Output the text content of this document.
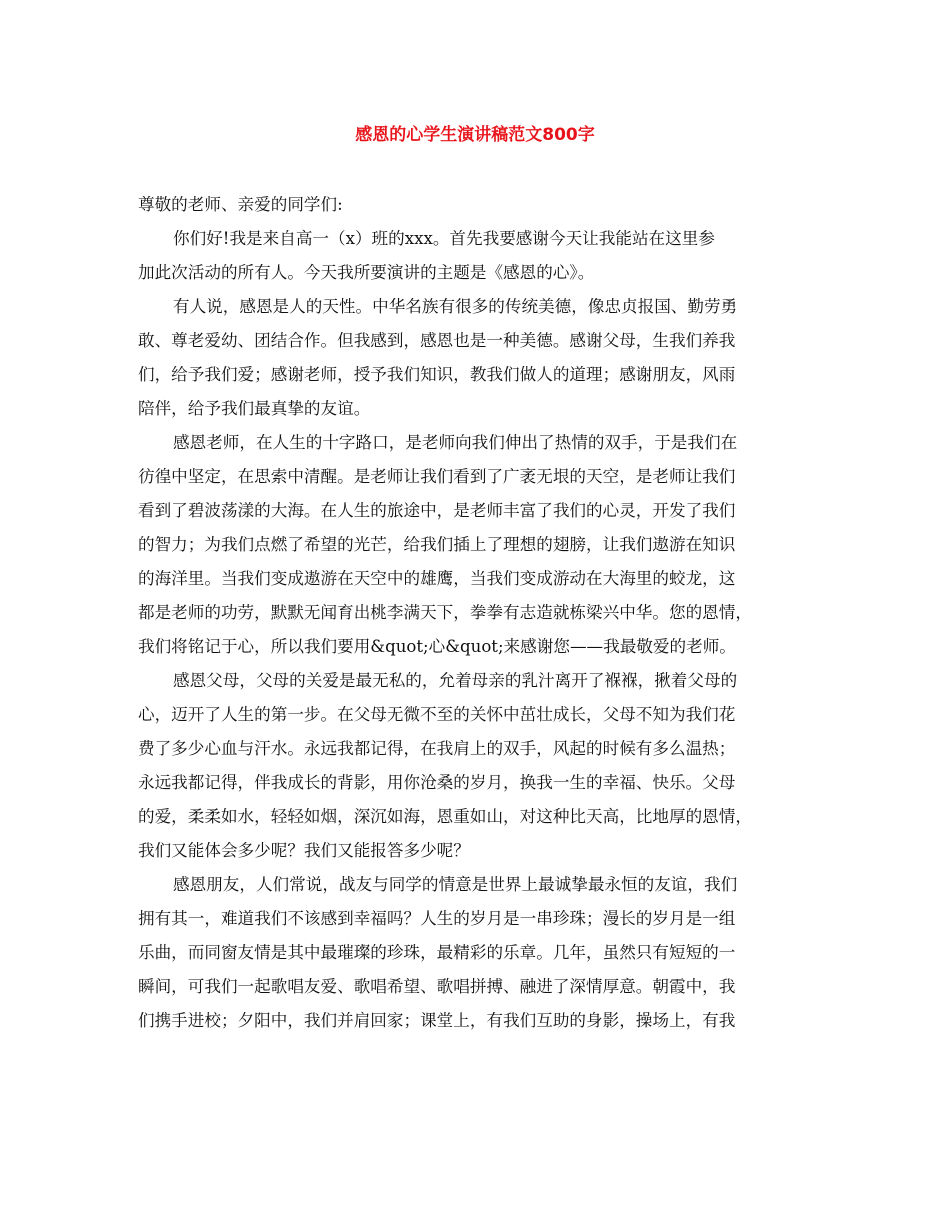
感恩的心学生演讲稿范文800字
尊敬的老师、亲爱的同学们:
你们好!我是来自高一（x）班的xxx。首先我要感谢今天让我能站在这里参
加此次活动的所有人。今天我所要演讲的主题是《感恩的心》。
有人说，感恩是人的天性。中华名族有很多的传统美德，像忠贞报国、勤劳勇
敢、尊老爱幼、团结合作。但我感到，感恩也是一种美德。感谢父母，生我们养我
们，给予我们爱；感谢老师，授予我们知识，教我们做人的道理；感谢朋友，风雨
陪伴，给予我们最真挚的友谊。
感恩老师，在人生的十字路口，是老师向我们伸出了热情的双手，于是我们在
彷徨中坚定，在思索中清醒。是老师让我们看到了广袤无垠的天空，是老师让我们
看到了碧波荡漾的大海。在人生的旅途中，是老师丰富了我们的心灵，开发了我们
的智力；为我们点燃了希望的光芒，给我们插上了理想的翅膀，让我们遨游在知识
的海洋里。当我们变成遨游在天空中的雄鹰，当我们变成游动在大海里的蛟龙，这
都是老师的功劳，默默无闻育出桃李满天下，拳拳有志造就栋梁兴中华。您的恩情，
我们将铭记于心，所以我们要用&quot;心&quot;来感谢您——我最敬爱的老师。
感恩父母，父母的关爱是最无私的，允着母亲的乳汁离开了褓褓，揪着父母的
心，迈开了人生的第一步。在父母无微不至的关怀中茁壮成长，父母不知为我们花
费了多少心血与汗水。永远我都记得，在我肩上的双手，风起的时候有多么温热；
永远我都记得，伴我成长的背影，用你沧桑的岁月，换我一生的幸福、快乐。父母
的爱，柔柔如水，轻轻如烟，深沉如海，恩重如山，对这种比天高，比地厚的恩情，
我们又能体会多少呢？我们又能报答多少呢？
感恩朋友，人们常说，战友与同学的情意是世界上最诚挚最永恒的友谊，我们
拥有其一，难道我们不该感到幸福吗？人生的岁月是一串珍珠；漫长的岁月是一组
乐曲，而同窗友情是其中最璀璨的珍珠，最精彩的乐章。几年，虽然只有短短的一
瞬间，可我们一起歌唱友爱、歌唱希望、歌唱拼搏、融进了深情厚意。朝霞中，我
们携手进校；夕阳中，我们并肩回家；课堂上，有我们互助的身影，操场上，有我
